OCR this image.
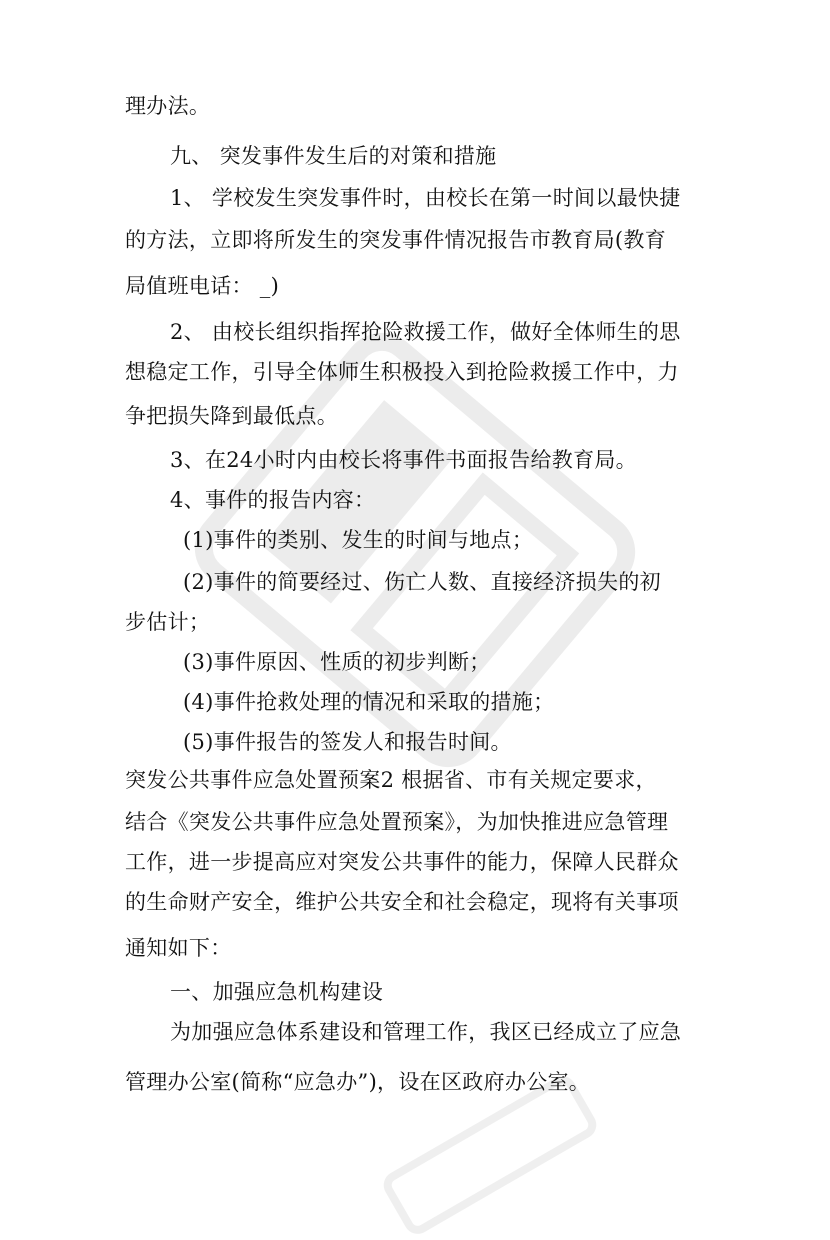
理办法。
九、 突发事件发生后的对策和措施
1、 学校发生突发事件时，由校长在第一时间以最快捷
的方法，立即将所发生的突发事件情况报告市教育局(教育
局值班电话： _)
2、 由校长组织指挥抢险救援工作，做好全体师生的思
想稳定工作，引导全体师生积极投入到抢险救援工作中，力
争把损失降到最低点。
3、在24小时内由校长将事件书面报告给教育局。
4、事件的报告内容：
(1)事件的类别、发生的时间与地点；
(2)事件的简要经过、伤亡人数、直接经济损失的初
步估计；
(3)事件原因、性质的初步判断；
(4)事件抢救处理的情况和采取的措施；
(5)事件报告的签发人和报告时间。
突发公共事件应急处置预案2 根据省、市有关规定要求，
结合《突发公共事件应急处置预案》，为加快推进应急管理
工作，进一步提高应对突发公共事件的能力，保障人民群众
的生命财产安全，维护公共安全和社会稳定，现将有关事项
通知如下：
一、加强应急机构建设
为加强应急体系建设和管理工作，我区已经成立了应急
管理办公室(简称“应急办”)，设在区政府办公室。
